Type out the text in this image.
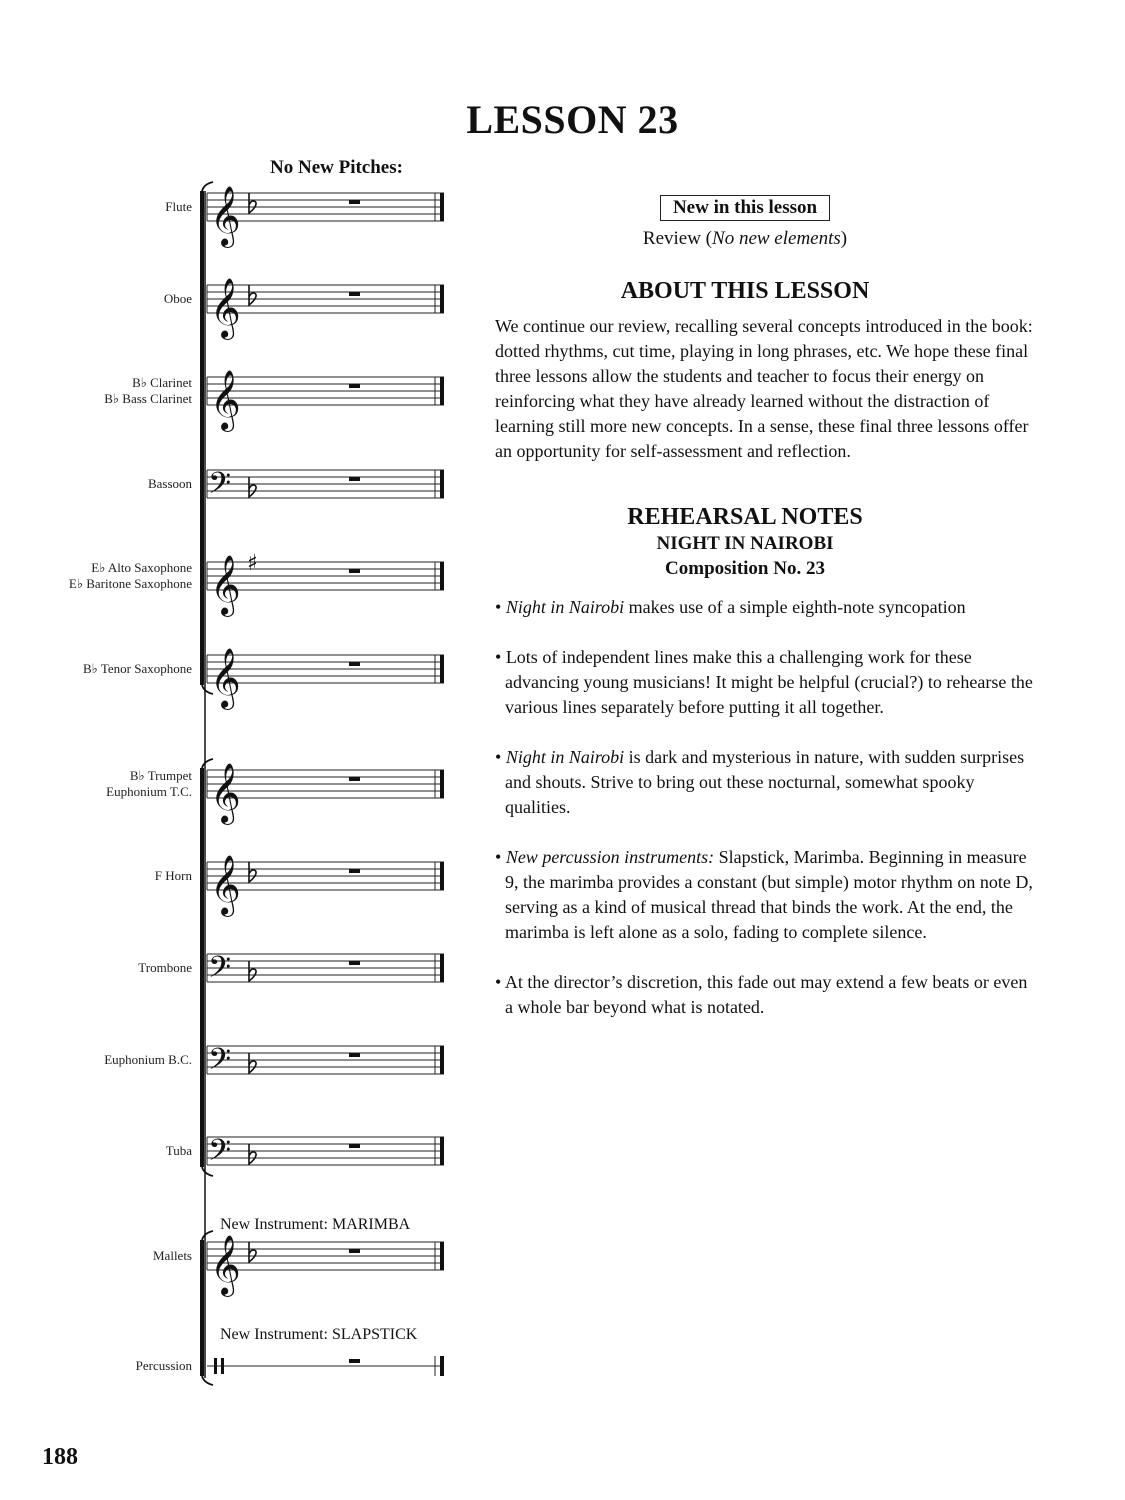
LESSON 23
No New Pitches:
Flute 𝄞
Oboe 𝄞
B♭ Clarinet
B♭ Bass Clarinet 𝄞
Bassoon 𝄢
E♭ Alto Saxophone
E♭ Baritone Saxophone 𝄞 ♯
B♭ Tenor Saxophone 𝄞
B♭ Trumpet
Euphonium T.C. 𝄞
F Horn 𝄞
Trombone 𝄢
Euphonium B.C. 𝄢
Tuba 𝄢
Mallets 𝄞
New Instrument: MARIMBA
Percussion
New Instrument: SLAPSTICK
New in this lesson
Review (No new elements)
ABOUT THIS LESSON
We continue our review, recalling several concepts introduced in the book: dotted rhythms, cut time, playing in long phrases, etc. We hope these final three lessons allow the students and teacher to focus their energy on reinforcing what they have already learned without the distraction of learning still more new concepts. In a sense, these final three lessons offer an opportunity for self-assessment and reflection.
REHEARSAL NOTES
NIGHT IN NAIROBI
Composition No. 23
• Night in Nairobi makes use of a simple eighth-note syncopation
• Lots of independent lines make this a challenging work for these advancing young musicians! It might be helpful (crucial?) to rehearse the various lines separately before putting it all together.
• Night in Nairobi is dark and mysterious in nature, with sudden surprises and shouts. Strive to bring out these nocturnal, somewhat spooky qualities.
• New percussion instruments: Slapstick, Marimba. Beginning in measure 9, the marimba provides a constant (but simple) motor rhythm on note D, serving as a kind of musical thread that binds the work. At the end, the marimba is left alone as a solo, fading to complete silence.
• At the director’s discretion, this fade out may extend a few beats or even a whole bar beyond what is notated.
188
